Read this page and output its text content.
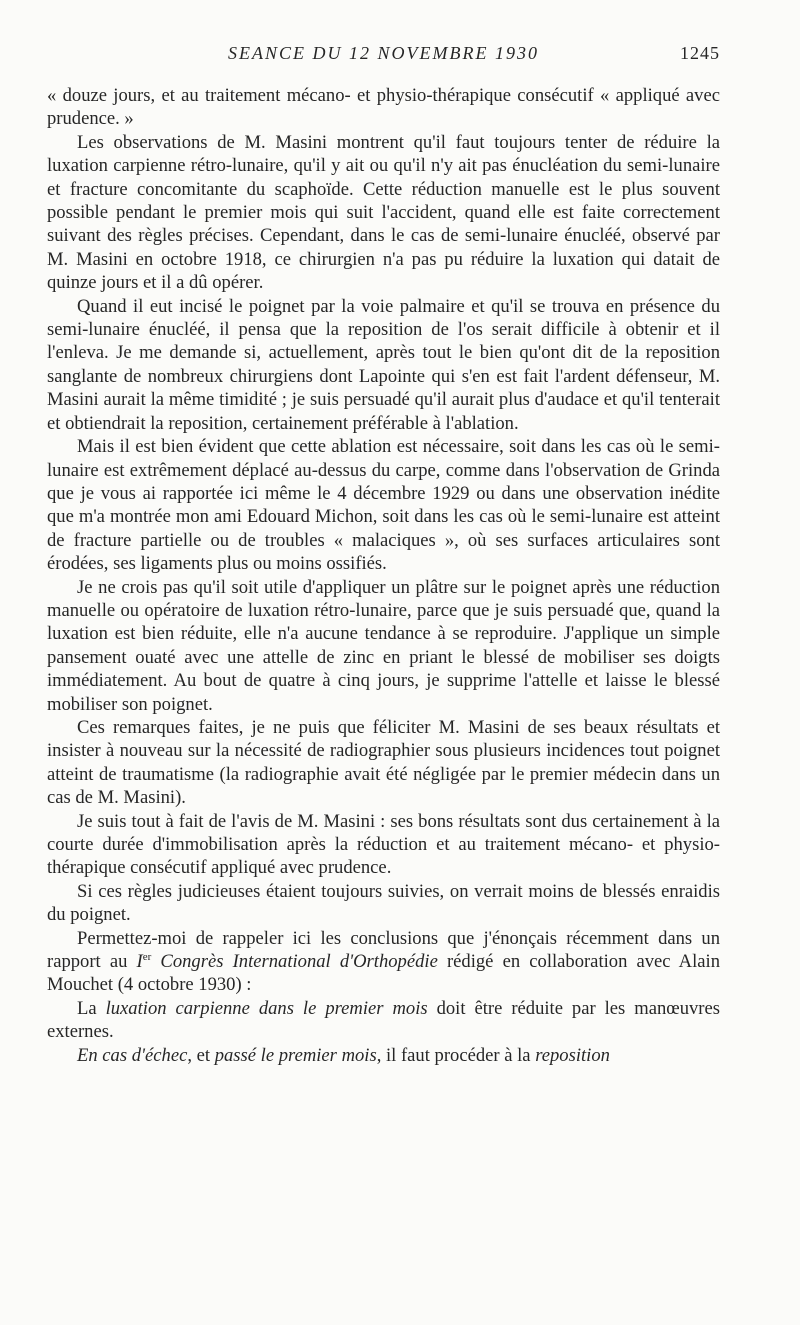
SEANCE DU 12 NOVEMBRE 1930	1245

« douze jours, et au traitement mécano- et physio-thérapique consécutif « appliqué avec prudence. »

Les observations de M. Masini montrent qu'il faut toujours tenter de réduire la luxation carpienne rétro-lunaire, qu'il y ait ou qu'il n'y ait pas énucléation du semi-lunaire et fracture concomitante du scaphoïde. Cette réduction manuelle est le plus souvent possible pendant le premier mois qui suit l'accident, quand elle est faite correctement suivant des règles précises. Cependant, dans le cas de semi-lunaire énucléé, observé par M. Masini en octobre 1918, ce chirurgien n'a pas pu réduire la luxation qui datait de quinze jours et il a dû opérer.

Quand il eut incisé le poignet par la voie palmaire et qu'il se trouva en présence du semi-lunaire énucléé, il pensa que la reposition de l'os serait difficile à obtenir et il l'enleva. Je me demande si, actuellement, après tout le bien qu'ont dit de la reposition sanglante de nombreux chirurgiens dont Lapointe qui s'en est fait l'ardent défenseur, M. Masini aurait la même timidité ; je suis persuadé qu'il aurait plus d'audace et qu'il tenterait et obtiendrait la reposition, certainement préférable à l'ablation.

Mais il est bien évident que cette ablation est nécessaire, soit dans les cas où le semi-lunaire est extrêmement déplacé au-dessus du carpe, comme dans l'observation de Grinda que je vous ai rapportée ici même le 4 décembre 1929 ou dans une observation inédite que m'a montrée mon ami Edouard Michon, soit dans les cas où le semi-lunaire est atteint de fracture partielle ou de troubles « malaciques », où ses surfaces articulaires sont érodées, ses ligaments plus ou moins ossifiés.

Je ne crois pas qu'il soit utile d'appliquer un plâtre sur le poignet après une réduction manuelle ou opératoire de luxation rétro-lunaire, parce que je suis persuadé que, quand la luxation est bien réduite, elle n'a aucune tendance à se reproduire. J'applique un simple pansement ouaté avec une attelle de zinc en priant le blessé de mobiliser ses doigts immédiatement. Au bout de quatre à cinq jours, je supprime l'attelle et laisse le blessé mobiliser son poignet.

Ces remarques faites, je ne puis que féliciter M. Masini de ses beaux résultats et insister à nouveau sur la nécessité de radiographier sous plusieurs incidences tout poignet atteint de traumatisme (la radiographie avait été négligée par le premier médecin dans un cas de M. Masini).

Je suis tout à fait de l'avis de M. Masini : ses bons résultats sont dus certainement à la courte durée d'immobilisation après la réduction et au traitement mécano- et physio-thérapique consécutif appliqué avec prudence.

Si ces règles judicieuses étaient toujours suivies, on verrait moins de blessés enraidis du poignet.

Permettez-moi de rappeler ici les conclusions que j'énonçais récemment dans un rapport au Ier Congrès International d'Orthopédie rédigé en collaboration avec Alain Mouchet (4 octobre 1930) :

La luxation carpienne dans le premier mois doit être réduite par les manœuvres externes.

En cas d'échec, et passé le premier mois, il faut procéder à la reposition
